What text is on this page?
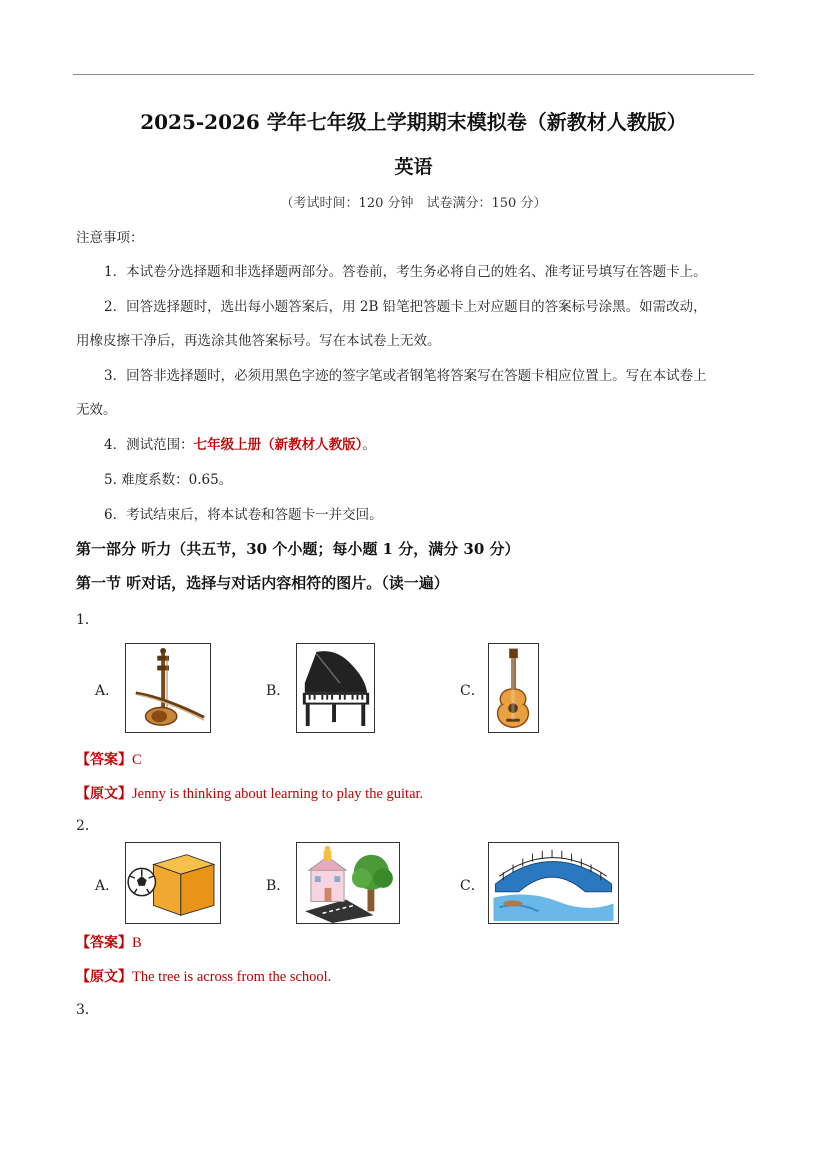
2025-2026 学年七年级上学期期末模拟卷（新教材人教版）
英语
（考试时间：120 分钟　试卷满分：150 分）
注意事项：
1．本试卷分选择题和非选择题两部分。答卷前，考生务必将自己的姓名、准考证号填写在答题卡上。
2．回答选择题时，选出每小题答案后，用 2B 铅笔把答题卡上对应题目的答案标号涂黑。如需改动，
用橡皮擦干净后，再选涂其他答案标号。写在本试卷上无效。
3．回答非选择题时，必须用黑色字迹的签字笔或者钢笔将答案写在答题卡相应位置上。写在本试卷上
无效。
4．测试范围：七年级上册（新教材人教版）。
5. 难度系数：0.65。
6．考试结束后，将本试卷和答题卡一并交回。
第一部分 听力（共五节，30 个小题；每小题 1 分，满分 30 分）
第一节 听对话，选择与对话内容相符的图片。（读一遍）
1．
A．	B．	C．
【答案】C
【原文】Jenny is thinking about learning to play the guitar.
2．
A．	B．	C．
【答案】B
【原文】The tree is across from the school.
3．
